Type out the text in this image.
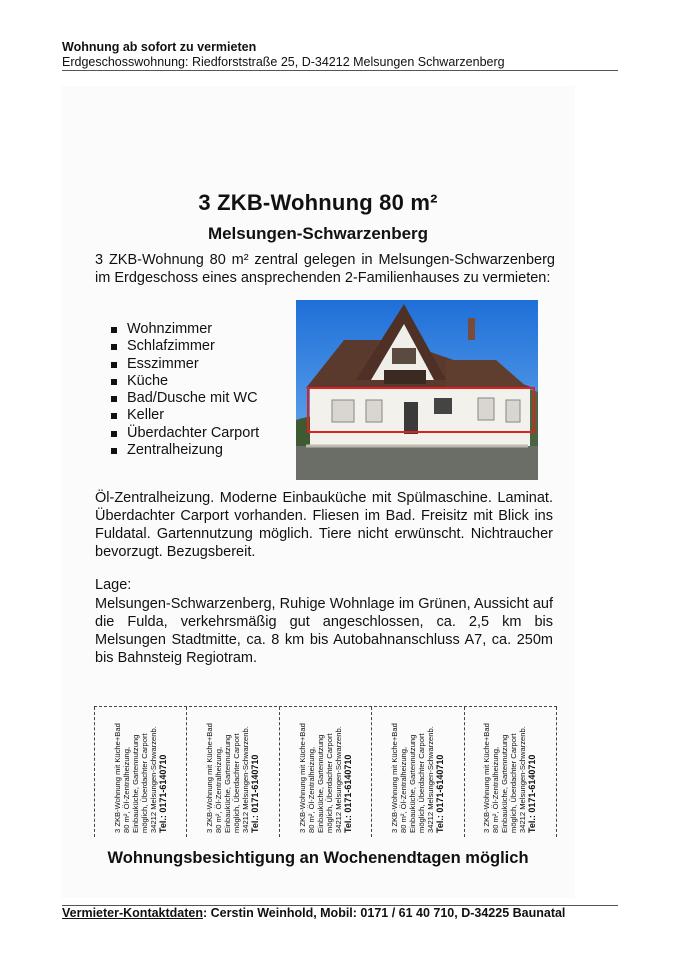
Wohnung ab sofort zu vermieten
Erdgeschosswohnung: Riedforststraße 25, D-34212 Melsungen Schwarzenberg
3 ZKB-Wohnung 80 m²
Melsungen-Schwarzenberg
3 ZKB-Wohnung 80 m² zentral gelegen in Melsungen-Schwarzenberg im Erdgeschoss eines ansprechenden 2-Familienhauses zu vermieten:
Wohnzimmer
Schlafzimmer
Esszimmer
Küche
Bad/Dusche mit WC
Keller
Überdachter Carport
Zentralheizung
Öl-Zentralheizung. Moderne Einbauküche mit Spülmaschine. Laminat. Überdachter Carport vorhanden. Fliesen im Bad. Freisitz mit Blick ins Fuldatal. Gartennutzung möglich. Tiere nicht erwünscht. Nichtraucher bevorzugt. Bezugsbereit.
Lage:
Melsungen-Schwarzenberg, Ruhige Wohnlage im Grünen, Aussicht auf die Fulda, verkehrsmäßig gut angeschlossen, ca. 2,5 km bis Melsungen Stadtmitte, ca. 8 km bis Autobahnanschluss A7, ca. 250m bis Bahnsteig Regiotram.
3 ZKB-Wohnung mit Küche+Bad 80 m², Öl-Zentralheizung, Einbauküche, Gartennutzung möglich, Überdachter Carport 34212 Melsungen-Schwarzenb. Tel.: 0171-6140710	3 ZKB-Wohnung mit Küche+Bad 80 m², Öl-Zentralheizung, Einbauküche, Gartennutzung möglich, Überdachter Carport 34212 Melsungen-Schwarzenb. Tel.: 0171-6140710	3 ZKB-Wohnung mit Küche+Bad 80 m², Öl-Zentralheizung, Einbauküche, Gartennutzung möglich, Überdachter Carport 34212 Melsungen-Schwarzenb. Tel.: 0171-6140710	3 ZKB-Wohnung mit Küche+Bad 80 m², Öl-Zentralheizung, Einbauküche, Gartennutzung möglich, Überdachter Carport 34212 Melsungen-Schwarzenb. Tel.: 0171-6140710	3 ZKB-Wohnung mit Küche+Bad 80 m², Öl-Zentralheizung, Einbauküche, Gartennutzung möglich, Überdachter Carport 34212 Melsungen-Schwarzenb. Tel.: 0171-6140710
Wohnungsbesichtigung an Wochenendtagen möglich
Vermieter-Kontaktdaten: Cerstin Weinhold, Mobil: 0171 / 61 40 710, D-34225 Baunatal
